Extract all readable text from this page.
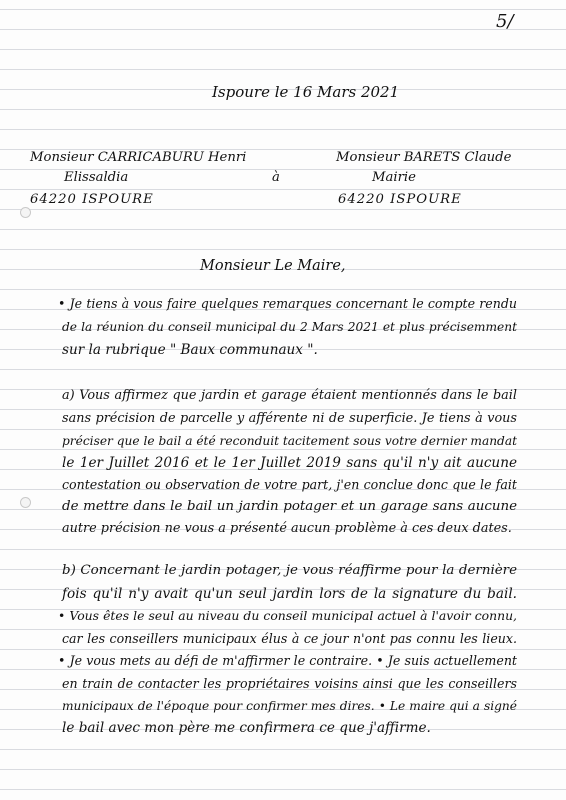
5/
Ispoure le 16 Mars 2021
Monsieur CARRICABURU Henri
Elissaldia
64220 ISPOURE
à
Monsieur BARETS Claude
Mairie
64220 ISPOURE
Monsieur Le Maire,
• Je tiens à vous faire quelques remarques concernant le compte rendu
de la réunion du conseil municipal du 2 Mars 2021 et plus précisemment
sur la rubrique " Baux communaux ".
a) Vous affirmez que jardin et garage étaient mentionnés dans le bail
sans précision de parcelle y afférente ni de superficie. Je tiens à vous
préciser que le bail a été reconduit tacitement sous votre dernier mandat
le 1er Juillet 2016 et le 1er Juillet 2019 sans qu'il n'y ait aucune
contestation ou observation de votre part, j'en conclue donc que le fait
de mettre dans le bail un jardin potager et un garage sans aucune
autre précision ne vous a présenté aucun problème à ces deux dates.
b) Concernant le jardin potager, je vous réaffirme pour la dernière
fois qu'il n'y avait qu'un seul jardin lors de la signature du bail.
• Vous êtes le seul au niveau du conseil municipal actuel à l'avoir connu,
car les conseillers municipaux élus à ce jour n'ont pas connu les lieux.
• Je vous mets au défi de m'affirmer le contraire. • Je suis actuellement
en train de contacter les propriétaires voisins ainsi que les conseillers
municipaux de l'époque pour confirmer mes dires. • Le maire qui a signé
le bail avec mon père me confirmera ce que j'affirme.
